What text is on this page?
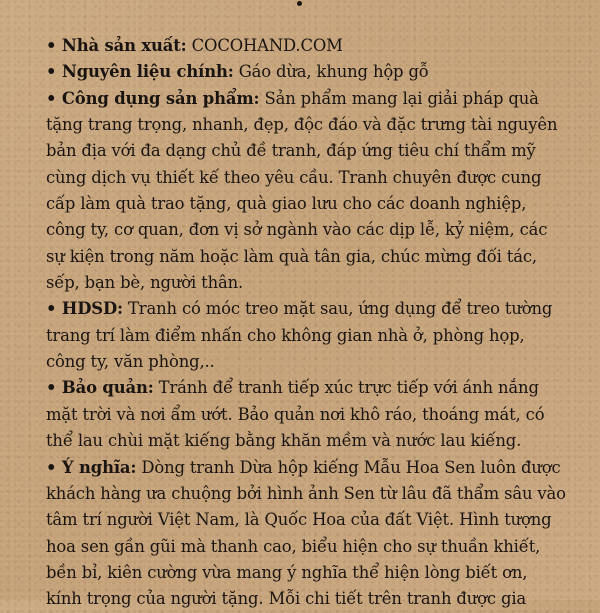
• Nhà sản xuất: COCOHAND.COM

• Nguyên liệu chính: Gáo dừa, khung hộp gỗ

• Công dụng sản phẩm: Sản phẩm mang lại giải pháp quà tặng trang trọng, nhanh, đẹp, độc đáo và đặc trưng tài nguyên bản địa với đa dạng chủ đề tranh, đáp ứng tiêu chí thẩm mỹ cùng dịch vụ thiết kế theo yêu cầu. Tranh chuyên được cung cấp làm quà trao tặng, quà giao lưu cho các doanh nghiệp, công ty, cơ quan, đơn vị sở ngành vào các dịp lễ, kỷ niệm, các sự kiện trong năm hoặc làm quà tân gia, chúc mừng đối tác, sếp, bạn bè, người thân.

• HDSD: Tranh có móc treo mặt sau, ứng dụng để treo tường trang trí làm điểm nhấn cho không gian nhà ở, phòng họp, công ty, văn phòng,..

• Bảo quản: Tránh để tranh tiếp xúc trực tiếp với ánh nắng mặt trời và nơi ẩm ướt. Bảo quản nơi khô ráo, thoáng mát, có thể lau chùi mặt kiếng bằng khăn mềm và nước lau kiếng.

• Ý nghĩa: Dòng tranh Dừa hộp kiếng Mẫu Hoa Sen luôn được khách hàng ưa chuộng bởi hình ảnh Sen từ lâu đã thẩm sâu vào tâm trí người Việt Nam, là Quốc Hoa của đất Việt. Hình tượng hoa sen gần gũi mà thanh cao, biểu hiện cho sự thuần khiết, bền bỉ, kiên cường vừa mang ý nghĩa thể hiện lòng biết ơn, kính trọng của người tặng. Mỗi chi tiết trên tranh được gia
